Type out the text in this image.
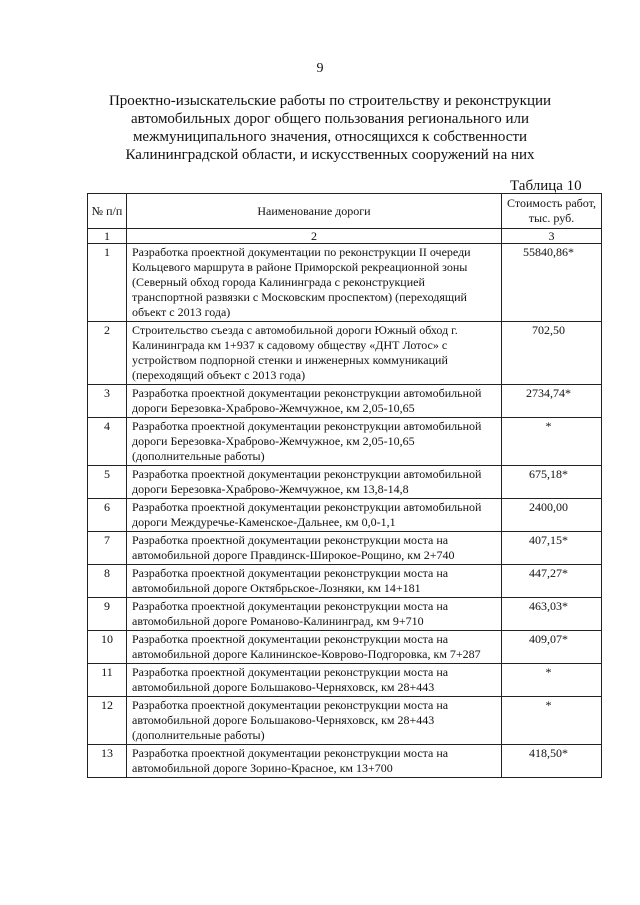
9
Проектно-изыскательские работы по строительству и реконструкции автомобильных дорог общего пользования регионального или межмуниципального значения, относящихся к собственности Калининградской области, и искусственных сооружений на них
Таблица 10
№ п/п	Наименование дороги	Стоимость работ, тыс. руб.
1	2	3
1	Разработка проектной документации по реконструкции II очереди Кольцевого маршрута в районе Приморской рекреационной зоны (Северный обход города Калининграда с реконструкцией транспортной развязки с Московским проспектом) (переходящий объект с 2013 года)	55840,86*
2	Строительство съезда с автомобильной дороги Южный обход г. Калининграда км 1+937 к садовому обществу «ДНТ Лотос» с устройством подпорной стенки и инженерных коммуникаций (переходящий объект с 2013 года)	702,50
3	Разработка проектной документации реконструкции автомобильной дороги Березовка-Храброво-Жемчужное, км 2,05-10,65	2734,74*
4	Разработка проектной документации реконструкции автомобильной дороги Березовка-Храброво-Жемчужное, км 2,05-10,65 (дополнительные работы)	*
5	Разработка проектной документации реконструкции автомобильной дороги Березовка-Храброво-Жемчужное, км 13,8-14,8	675,18*
6	Разработка проектной документации реконструкции автомобильной дороги Междуречье-Каменское-Дальнее, км 0,0-1,1	2400,00
7	Разработка проектной документации реконструкции моста на автомобильной дороге Правдинск-Широкое-Рощино, км 2+740	407,15*
8	Разработка проектной документации реконструкции моста на автомобильной дороге Октябрьское-Лозняки, км 14+181	447,27*
9	Разработка проектной документации реконструкции моста на автомобильной дороге Романово-Калининград, км 9+710	463,03*
10	Разработка проектной документации реконструкции моста на автомобильной дороге Калининское-Коврово-Подгоровка, км 7+287	409,07*
11	Разработка проектной документации реконструкции моста на автомобильной дороге Большаково-Черняховск, км 28+443	*
12	Разработка проектной документации реконструкции моста на автомобильной дороге Большаково-Черняховск, км 28+443 (дополнительные работы)	*
13	Разработка проектной документации реконструкции моста на автомобильной дороге Зорино-Красное, км 13+700	418,50*
